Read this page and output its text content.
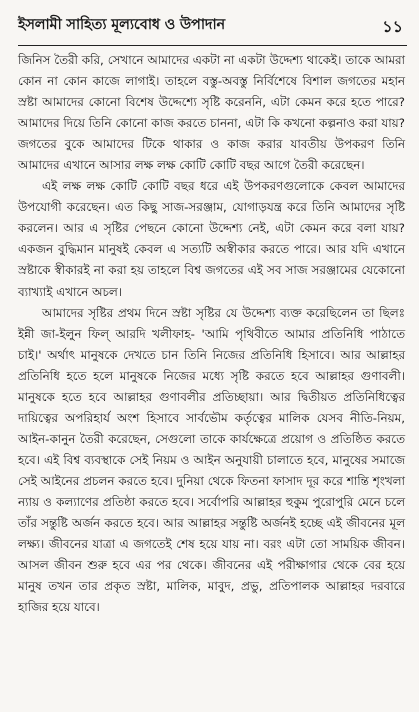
ইসলামী সাহিত্য মূল্যবোধ ও উপাদান	১১

জিনিস তৈরী করি, সেখানে আমাদের একটা না একটা উদ্দেশ্য থাকেই। তাকে আমরা কোন না কোন কাজে লাগাই। তাহলে বস্তু-অবস্তু নির্বিশেষে বিশাল জগতের মহান স্রষ্টা আমাদের কোনো বিশেষ উদ্দেশ্যে সৃষ্টি করেননি, এটা কেমন করে হতে পারে? আমাদের দিয়ে তিনি কোনো কাজ করতে চাননা, এটা কি কখনো কল্পনাও করা যায়? জগতের বুকে আমাদের টিকে থাকার ও কাজ করার যাবতীয় উপকরণ তিনি আমাদের এখানে আসার লক্ষ লক্ষ কোটি কোটি বছর আগে তৈরী করেছেন।

এই লক্ষ লক্ষ কোটি কোটি বছর ধরে এই উপকরণগুলোকে কেবল আমাদের উপযোগী করেছেন। এত কিছু সাজ-সরঞ্জাম, যোগাড়যন্ত্র করে তিনি আমাদের সৃষ্টি করলেন। আর এ সৃষ্টির পেছনে কোনো উদ্দেশ্য নেই, এটা কেমন করে বলা যায়? একজন বুদ্ধিমান মানুষই কেবল এ সত্যটি অস্বীকার করতে পারে। আর যদি এখানে স্রষ্টাকে স্বীকারই না করা হয় তাহলে বিশ্ব জগতের এই সব সাজ সরঞ্জামের যেকোনো ব্যাখ্যাই এখানে অচল।

আমাদের সৃষ্টির প্রথম দিনে স্রষ্টা সৃষ্টির যে উদ্দেশ্য ব্যক্ত করেছিলেন তা ছিলঃ ইন্নী জা-ইলুন ফিল্ আরদি খলীফাহ- 'আমি পৃথিবীতে আমার প্রতিনিধি পাঠাতে চাই।' অর্থাৎ মানুষকে দেখতে চান তিনি নিজের প্রতিনিধি হিসাবে। আর আল্লাহর প্রতিনিধি হতে হলে মানুষকে নিজের মধ্যে সৃষ্টি করতে হবে আল্লাহর গুণাবলী। মানুষকে হতে হবে আল্লাহর গুণাবলীর প্রতিচ্ছায়া। আর দ্বিতীয়ত প্রতিনিধিত্বের দায়িত্বের অপরিহার্য অংশ হিসাবে সার্বভৌম কর্তৃত্বের মালিক যেসব নীতি-নিয়ম, আইন-কানুন তৈরী করেছেন, সেগুলো তাকে কার্যক্ষেত্রে প্রয়োগ ও প্রতিষ্ঠিত করতে হবে। এই বিশ্ব ব্যবস্থাকে সেই নিয়ম ও আইন অনুযায়ী চালাতে হবে, মানুষের সমাজে সেই আইনের প্রচলন করতে হবে। দুনিয়া থেকে ফিতনা ফাসাদ দূর করে শান্তি শৃংখলা ন্যায় ও কল্যাণের প্রতিষ্ঠা করতে হবে। সর্বোপরি আল্লাহর হুকুম পুরোপুরি মেনে চলে তাঁর সন্তুষ্টি অর্জন করতে হবে। আর আল্লাহর সন্তুষ্টি অর্জনই হচ্ছে এই জীবনের মূল লক্ষ্য। জীবনের যাত্রা এ জগতেই শেষ হয়ে যায় না। বরং এটা তো সাময়িক জীবন। আসল জীবন শুরু হবে এর পর থেকে। জীবনের এই পরীক্ষাগার থেকে বের হয়ে মানুষ তখন তার প্রকৃত স্রষ্টা, মালিক, মাবুদ, প্রভু, প্রতিপালক আল্লাহর দরবারে হাজির হয়ে যাবে।
